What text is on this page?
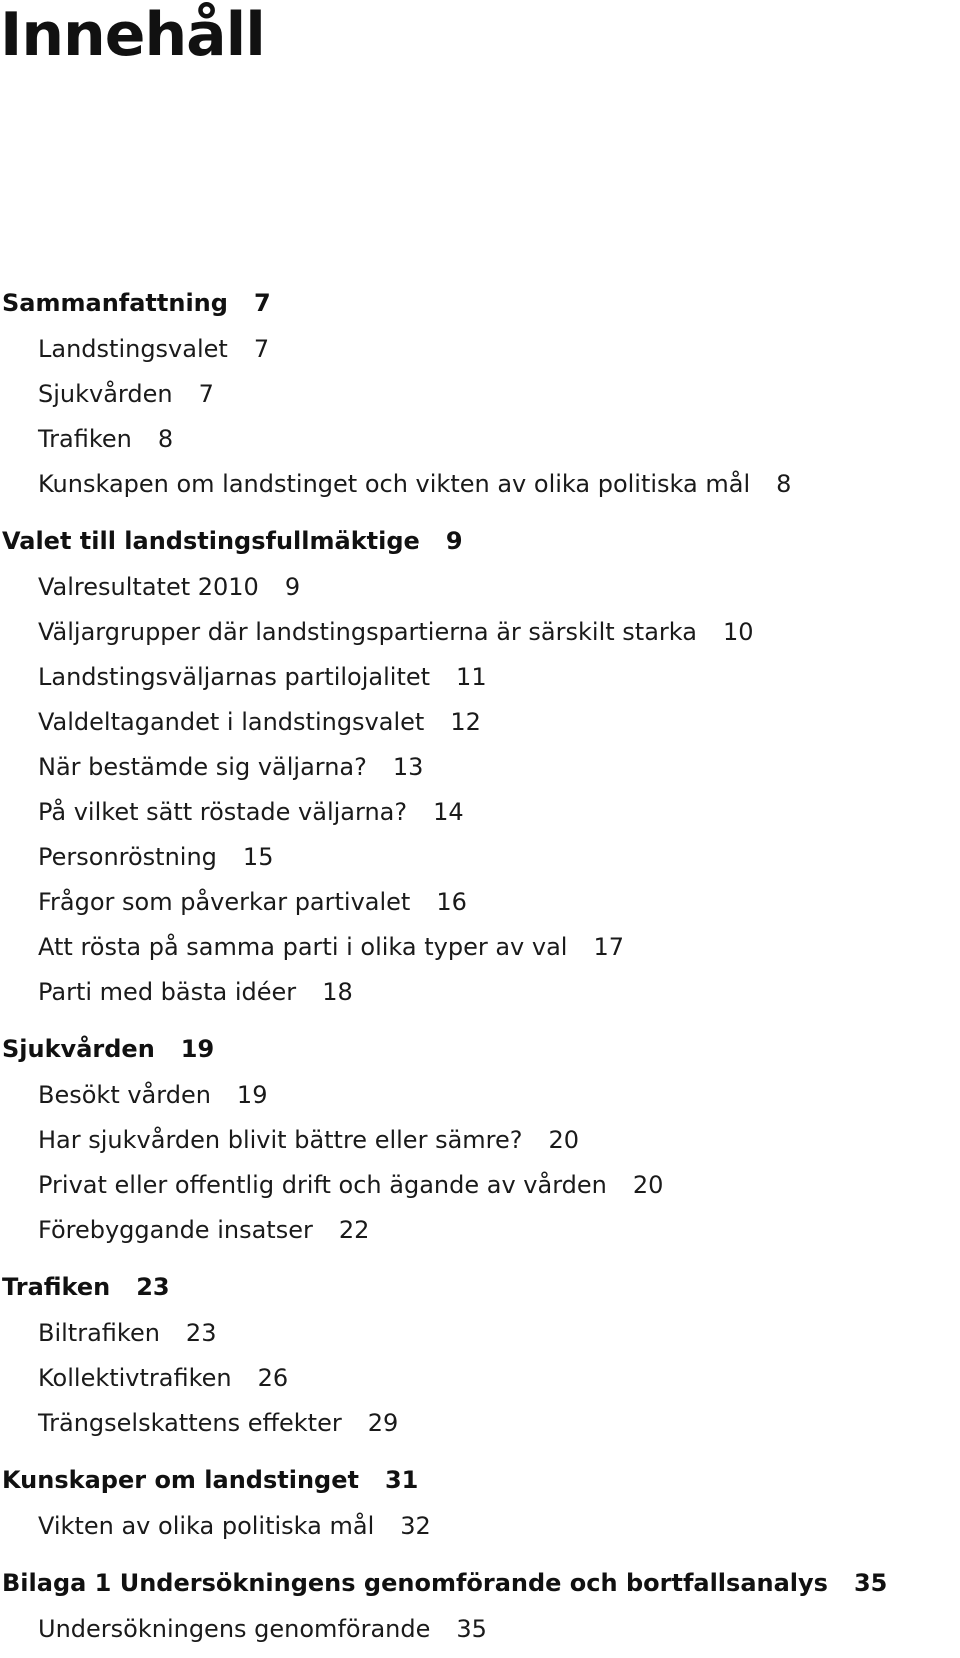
Innehåll
Sammanfattning 7
Landstingsvalet 7
Sjukvården 7
Trafiken 8
Kunskapen om landstinget och vikten av olika politiska mål 8
Valet till landstingsfullmäktige 9
Valresultatet 2010 9
Väljargrupper där landstingspartierna är särskilt starka 10
Landstingsväljarnas partilojalitet 11
Valdeltagandet i landstingsvalet 12
När bestämde sig väljarna? 13
På vilket sätt röstade väljarna? 14
Personröstning 15
Frågor som påverkar partivalet 16
Att rösta på samma parti i olika typer av val 17
Parti med bästa idéer 18
Sjukvården 19
Besökt vården 19
Har sjukvården blivit bättre eller sämre? 20
Privat eller offentlig drift och ägande av vården 20
Förebyggande insatser 22
Trafiken 23
Biltrafiken 23
Kollektivtrafiken 26
Trängselskattens effekter 29
Kunskaper om landstinget 31
Vikten av olika politiska mål 32
Bilaga 1 Undersökningens genomförande och bortfallsanalys 35
Undersökningens genomförande 35
